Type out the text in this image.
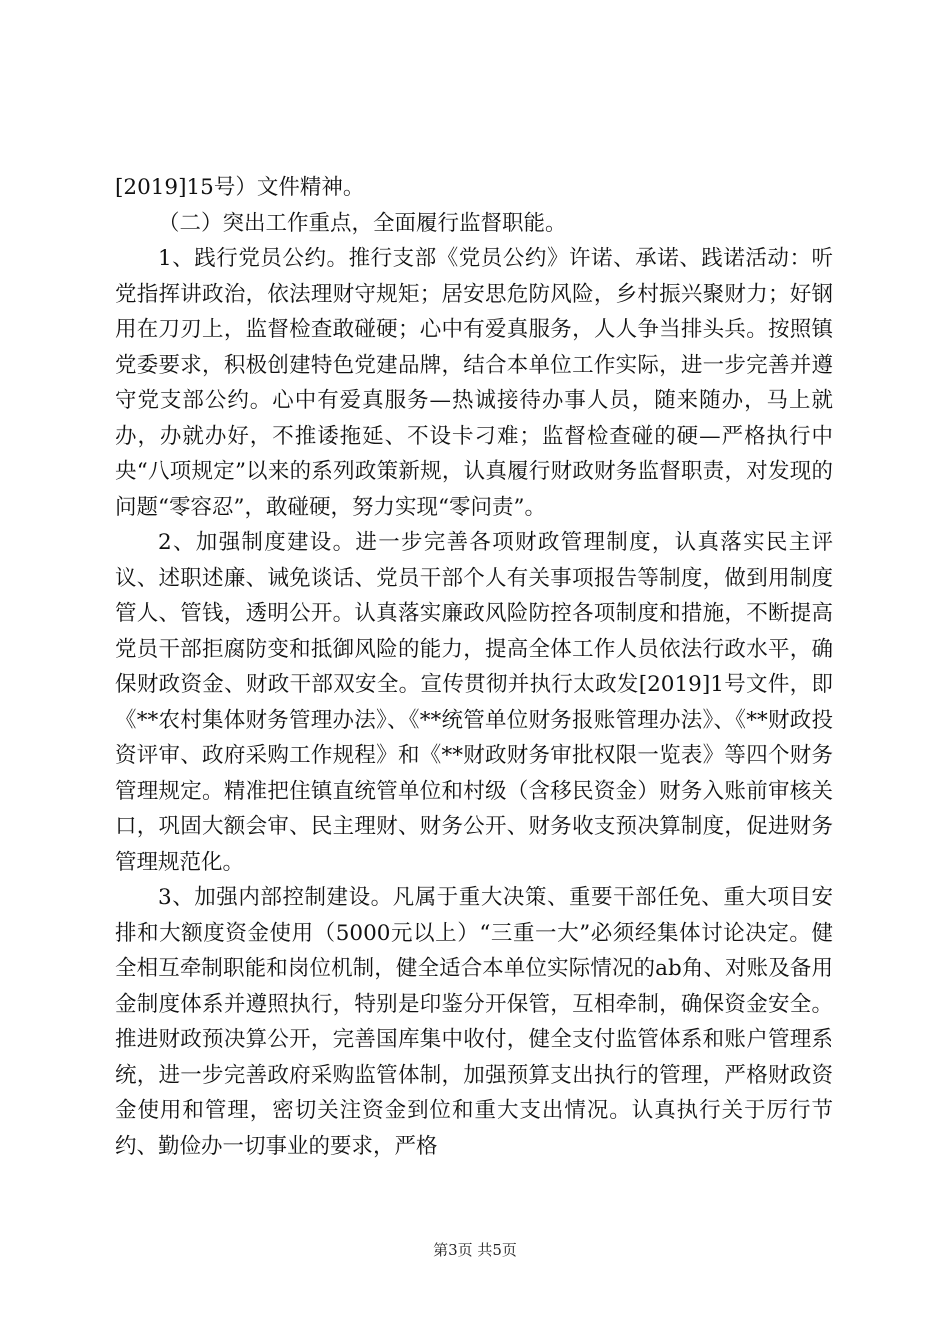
[2019]15号）文件精神。

（二）突出工作重点，全面履行监督职能。

1、践行党员公约。推行支部《党员公约》许诺、承诺、践诺活动：听党指挥讲政治，依法理财守规矩；居安思危防风险，乡村振兴聚财力；好钢用在刀刃上，监督检查敢碰硬；心中有爱真服务，人人争当排头兵。按照镇党委要求，积极创建特色党建品牌，结合本单位工作实际，进一步完善并遵守党支部公约。心中有爱真服务—热诚接待办事人员，随来随办，马上就办，办就办好，不推诿拖延、不设卡刁难；监督检查碰的硬—严格执行中央“八项规定”以来的系列政策新规，认真履行财政财务监督职责，对发现的问题“零容忍”，敢碰硬，努力实现“零问责”。

2、加强制度建设。进一步完善各项财政管理制度，认真落实民主评议、述职述廉、诫免谈话、党员干部个人有关事项报告等制度，做到用制度管人、管钱，透明公开。认真落实廉政风险防控各项制度和措施，不断提高党员干部拒腐防变和抵御风险的能力，提高全体工作人员依法行政水平，确保财政资金、财政干部双安全。宣传贯彻并执行太政发[2019]1号文件，即《**农村集体财务管理办法》、《**统管单位财务报账管理办法》、《**财政投资评审、政府采购工作规程》和《**财政财务审批权限一览表》等四个财务管理规定。精准把住镇直统管单位和村级（含移民资金）财务入账前审核关口，巩固大额会审、民主理财、财务公开、财务收支预决算制度，促进财务管理规范化。

3、加强内部控制建设。凡属于重大决策、重要干部任免、重大项目安排和大额度资金使用（5000元以上）“三重一大”必须经集体讨论决定。健全相互牵制职能和岗位机制，健全适合本单位实际情况的ab角、对账及备用金制度体系并遵照执行，特别是印鉴分开保管，互相牵制，确保资金安全。推进财政预决算公开，完善国库集中收付，健全支付监管体系和账户管理系统，进一步完善政府采购监管体制，加强预算支出执行的管理，严格财政资金使用和管理，密切关注资金到位和重大支出情况。认真执行关于厉行节约、勤俭办一切事业的要求，严格

第3页 共5页
